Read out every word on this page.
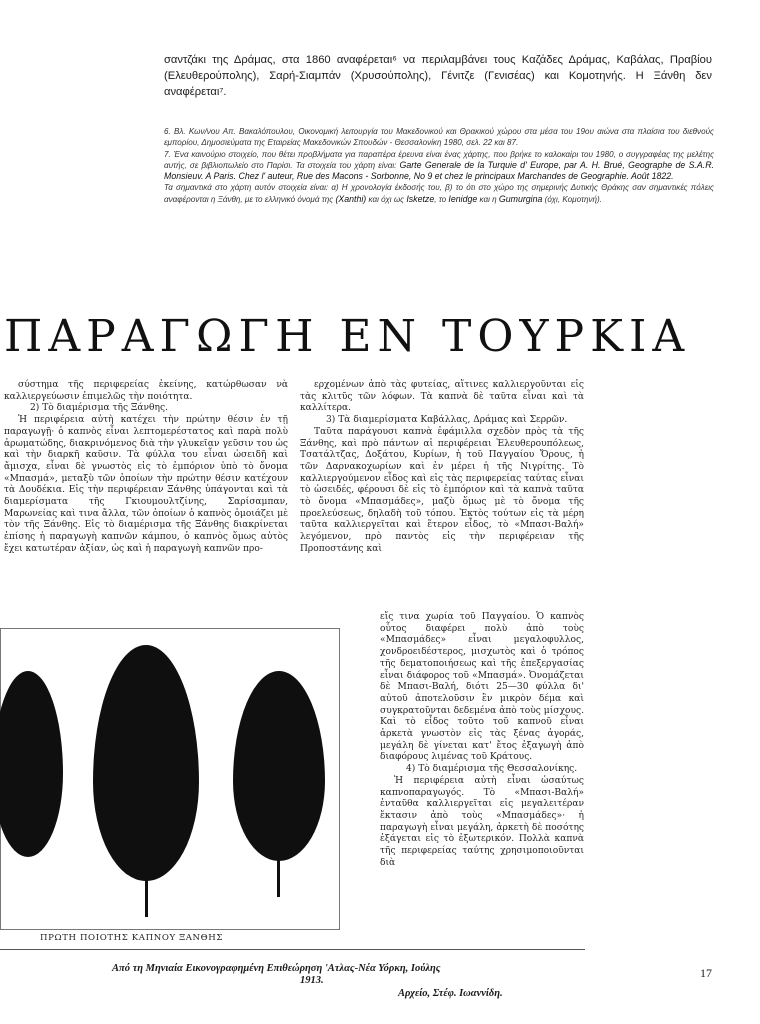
σαντζάκι της Δράμας, στα 1860 αναφέρεται⁶ να περιλαμβάνει τους Καζάδες Δράμας, Καβάλας, Πραβίου (Ελευθερούπολης), Σαρή-Σιαμπάν (Χρυσούπολης), Γένιτζε (Γενισέας) και Κομοτηνής. Η Ξάνθη δεν αναφέρεται⁷.
6. Βλ. Κων/νου Απ. Βακαλόπουλου, Οικονομική λειτουργία του Μακεδονικού και Θρακικού χώρου στα μέσα του 19ου αιώνα στα πλαίσια του διεθνούς εμπορίου, Δημοσιεύματα της Εταιρείας Μακεδονικών Σπουδών - Θεσσαλονίκη 1980, σελ. 22 και 87.
7. Ένα καινούριο στοιχείο, που θέτει προβλήματα για παραπέρα έρευνα είναι ένας χάρτης, που βρήκε το καλοκαίρι του 1980, ο συγγραφέας της μελέτης αυτής, σε βιβλιοπωλείο στο Παρίσι. Τα στοιχεία του χάρτη είναι: Garte Generale de la Turquie d' Europe, par A. H. Brué, Geographe de S.A.R. Monsieuv. A Paris. Chez l' auteur, Rue des Macons - Sorbonne, No 9 et chez le principaux Marchandes de Geographie. Août 1822.
Τα σημαντικά στο χάρτη αυτόν στοιχεία είναι: α) Η χρονολογία έκδοσής του, β) το ότι στο χώρο της σημερινής Δυτικής Θράκης σαν σημαντικές πόλεις αναφέρονται η Ξάνθη, με το ελληνικό όνομά της (Xanthi) και όχι ως Isketze, το Ienidge και η Gumurgina (όχι, Κομοτηνή).
ΠΑΡΑΓΩΓΗ ΕΝ ΤΟΥΡΚΙΑ

σύστημα τῆς περιφερείας ἐκείνης, κατώρθωσαν νὰ καλλιεργεύωσιν ἐπιμελῶς τὴν ποιότητα.

2) Τὸ διαμέρισμα τῆς Ξάνθης.

Ἡ περιφέρεια αὐτὴ κατέχει τὴν πρώτην θέσιν ἐν τῇ παραγωγῇ· ὁ καπνὸς εἶναι λεπτομερέστατος καὶ παρὰ πολὺ ἀρωματώδης, διακρινόμενος διὰ τὴν γλυκεῖαν γεῦσιν του ὡς καὶ τὴν διαρκῆ καῦσιν. Τὰ φύλλα του εἶναι ὡσειδῆ καὶ ἄμισχα, εἶναι δὲ γνωστὸς εἰς τὸ ἐμπόριον ὑπὸ τὸ ὄνομα «Μπασμά», μεταξὺ τῶν ὁποίων τὴν πρώτην θέσιν κατέχουν τὰ Δουδέκια. Εἰς τὴν περιφέρειαν Ξάνθης ὑπάγονται καὶ τὰ διαμερίσματα τῆς Γκιουμουλτζίνης, Σαρίσαμπαν, Μαρωνείας καὶ τινα ἄλλα, τῶν ὁποίων ὁ καπνὸς ὁμοιάζει μὲ τὸν τῆς Ξάνθης. Εἰς τὸ διαμέρισμα τῆς Ξάνθης διακρίνεται ἐπίσης ἡ παραγωγὴ καπνῶν κάμπου, ὁ καπνὸς ὅμως αὐτὸς ἔχει κατωτέραν ἀξίαν, ὡς καὶ ἡ παραγωγὴ καπνῶν προ-

ερχομένων ἀπὸ τὰς φυτείας, αἵτινες καλλιεργοῦνται εἰς τὰς κλιτῦς τῶν λόφων. Τὰ καπνὰ δὲ ταῦτα εἶναι καὶ τὰ καλλίτερα.

3) Τὰ διαμερίσματα Καβάλλας, Δράμας καὶ Σερρῶν.

Ταῦτα παράγουσι καπνὰ ἐφάμιλλα σχεδὸν πρὸς τὰ τῆς Ξάνθης, καὶ πρὸ πάντων αἱ περιφέρειαι Ἐλευθερουπόλεως, Τσατάλτζας, Δοξάτου, Κυρίων, ἡ τοῦ Παγγαίου Ὄρους, ἡ τῶν Δαρνακοχωρίων καὶ ἐν μέρει ἡ τῆς Νιγρίτης. Τὸ καλλιεργούμενον εἶδος καὶ εἰς τὰς περιφερείας ταύτας εἶναι τὸ ὠσειδές, φέρουσι δὲ εἰς τὸ ἐμπόριον καὶ τὰ καπνὰ ταῦτα τὸ ὄνομα «Μπασμάδες», μαζὺ ὅμως μὲ τὸ ὄνομα τῆς προελεύσεως, δηλαδὴ τοῦ τόπου. Ἐκτὸς τούτων εἰς τὰ μέρη ταῦτα καλλιεργεῖται καὶ ἕτερον εἶδος, τὸ «Μπασι-Βαλή» λεγόμενον, πρὸ παντὸς εἰς τὴν περιφέρειαν τῆς Προποστάνης καὶ

εἴς τινα χωρία τοῦ Παγγαίου. Ὁ καπνὸς οὗτος διαφέρει πολὺ ἀπὸ τοὺς «Μπασμάδες» εἶναι μεγαλοφυλλος, χονδροειδέστερος, μισχωτὸς καὶ ὁ τρόπος τῆς δεματοποιήσεως καὶ τῆς ἐπεξεργασίας εἶναι διάφορος τοῦ «Μπασμά». Ὀνομάζεται δὲ Μπασι-Βαλή, διότι 25—30 φύλλα δι' αὐτοῦ ἀποτελοῦσιν ἓν μικρὸν δέμα καὶ συγκρατοῦνται δεδεμένα ἀπὸ τοὺς μίσχους. Καὶ τὸ εἶδος τοῦτο τοῦ καπνοῦ εἶναι ἀρκετὰ γνωστὸν εἰς τὰς ξένας ἀγοράς, μεγάλη δὲ γίνεται κατ' ἔτος ἐξαγωγὴ ἀπὸ διαφόρους λιμένας τοῦ Κράτους.

4) Τὸ διαμέρισμα τῆς Θεσσαλονίκης.

Ἡ περιφέρεια αὐτὴ εἶναι ὡσαύτως καπνοπαραγωγός. Τὸ «Μπασι-Βαλή» ἐνταῦθα καλλιεργεῖται εἰς μεγαλειτέραν ἔκτασιν ἀπὸ τοὺς «Μπασμάδες»· ἡ παραγωγὴ εἶναι μεγάλη, ἀρκετὴ δὲ ποσότης ἐξάγεται εἰς τὸ ἐξωτερικόν. Πολλὰ καπνὰ τῆς περιφερείας ταύτης χρησιμοποιοῦνται διὰ

ΠΡΩΤΗ ΠΟΙΟΤΗΣ ΚΑΠΝΟΥ ΞΑΝΘΗΣ
Από τη Μηνιαία Εικονογραφημένη Επιθεώρηση 'Ατλας-Νέα Υόρκη, Ιούλης
1913.
Αρχείο, Στέφ. Ιωαννίδη.
17
